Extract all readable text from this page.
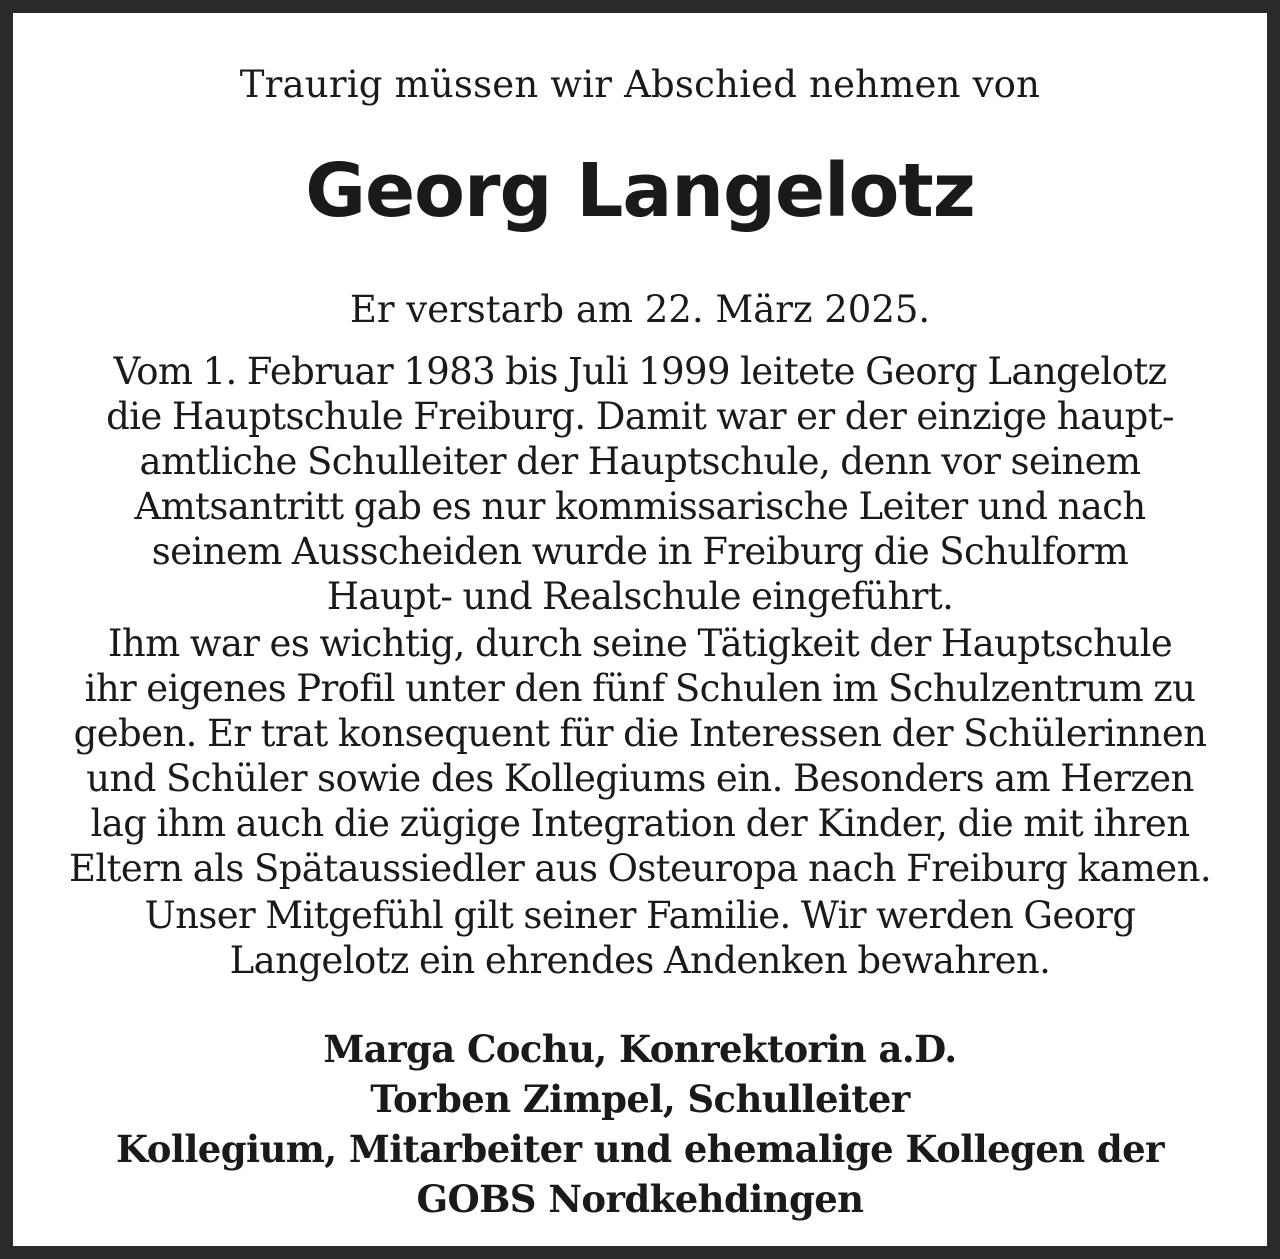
Traurig müssen wir Abschied nehmen von
Georg Langelotz
Er verstarb am 22. März 2025.
Vom 1. Februar 1983 bis Juli 1999 leitete Georg Langelotz
die Hauptschule Freiburg. Damit war er der einzige haupt-
amtliche Schulleiter der Hauptschule, denn vor seinem
Amtsantritt gab es nur kommissarische Leiter und nach
seinem Ausscheiden wurde in Freiburg die Schulform
Haupt- und Realschule eingeführt.
Ihm war es wichtig, durch seine Tätigkeit der Hauptschule
ihr eigenes Profil unter den fünf Schulen im Schulzentrum zu
geben. Er trat konsequent für die Interessen der Schülerinnen
und Schüler sowie des Kollegiums ein. Besonders am Herzen
lag ihm auch die zügige Integration der Kinder, die mit ihren
Eltern als Spätaussiedler aus Osteuropa nach Freiburg kamen.
Unser Mitgefühl gilt seiner Familie. Wir werden Georg
Langelotz ein ehrendes Andenken bewahren.
Marga Cochu, Konrektorin a.D.
Torben Zimpel, Schulleiter
Kollegium, Mitarbeiter und ehemalige Kollegen der
GOBS Nordkehdingen
